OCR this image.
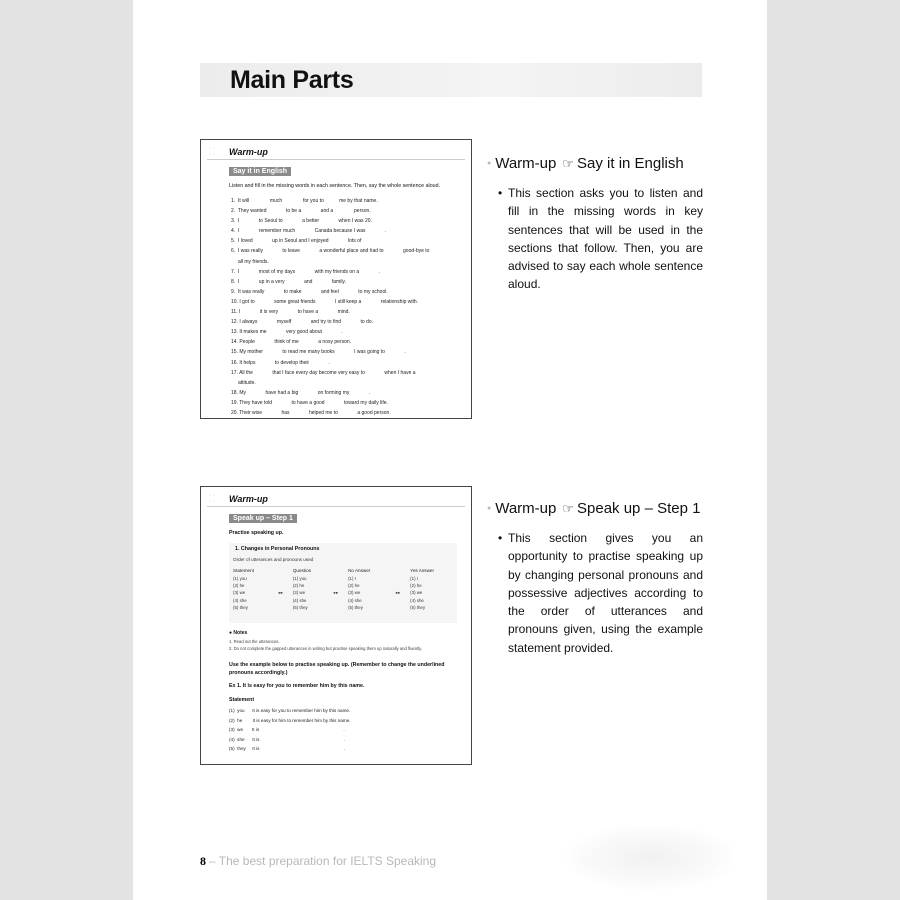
Main Parts
· ·
· · Warm-up
Say it in English
Listen and fill in the missing words in each sentence. Then, say the whole sentence aloud.
1.  It will               much               for you to           me by that name.
2.  They wanted              to be a              and a               person.
3.  I              to Seoul to              a better              when I was 20.
4.  I              remember much              Canada because I was              .
5.  I loved              up in Seoul and I enjoyed              lots of
6.  I was really              to leave              a wonderful place and had to              good-bye to
all my friends.
7.  I              most of my days              with my friends on a              .
8.  I              up in a very              and              family.
9.  It was really              to make              and feel              to my school.
10. I got to              some great friends              I still keep a              relationship with.
11. I              it is very              to have a              mind.
12. I always              myself              and try to find              to do.
13. It makes me              very good about              .
14. People              think of me              a nosy person.
15. My mother              to read me many books              I was going to              .
16. It helps              to develop their              .
17. All the              that I face every day become very easy to              when I have a
attitude.
18. My              have had a big              on forming my              .
19. They have told              to have a good              toward my daily life.
20. Their wise              has              helped me to              a good person.
· ·
· · Warm-up
Speak up – Step 1
Practise speaking up.
1. Changes in Personal Pronouns
Order of utterances and pronouns used
Statement		Question		No Answer		Yes Answer
(1) you		(1) you		(1) I		(1) I
(2) he		(2) he		(2) he		(2) he
(3) we	▸▸	(3) we	▸▸	(3) we	▸▸	(3) we
(4) she		(4) she		(4) she		(4) she
(5) they		(5) they		(5) they		(5) they
● Notes
1. Read out the utterances.
2. Do not complete the gapped utterances in writing but practise speaking them up naturally and fluently.
Use the example below to practise speaking up. (Remember to change the underlined pronouns accordingly.)
Ex 1. It is easy for you to remember him by this name.
Statement
(1)  you      It is easy for you to remember him by this name.
(2)  he        It is easy for him to remember him by this name.
(3)  we       It is                                                                  .
(4)  she      It is                                                                  .
(5)  they     It is                                                                  .
● Warm-up ☞ Say it in English
• This section asks you to listen and fill in the missing words in key sentences that will be used in the sections that follow. Then, you are advised to say each whole sentence aloud.
● Warm-up ☞ Speak up – Step 1
• This section gives you an opportunity to practise speaking up by changing personal pronouns and possessive adjectives according to the order of utterances and pronouns given, using the example statement provided.
8 – The best preparation for IELTS Speaking
